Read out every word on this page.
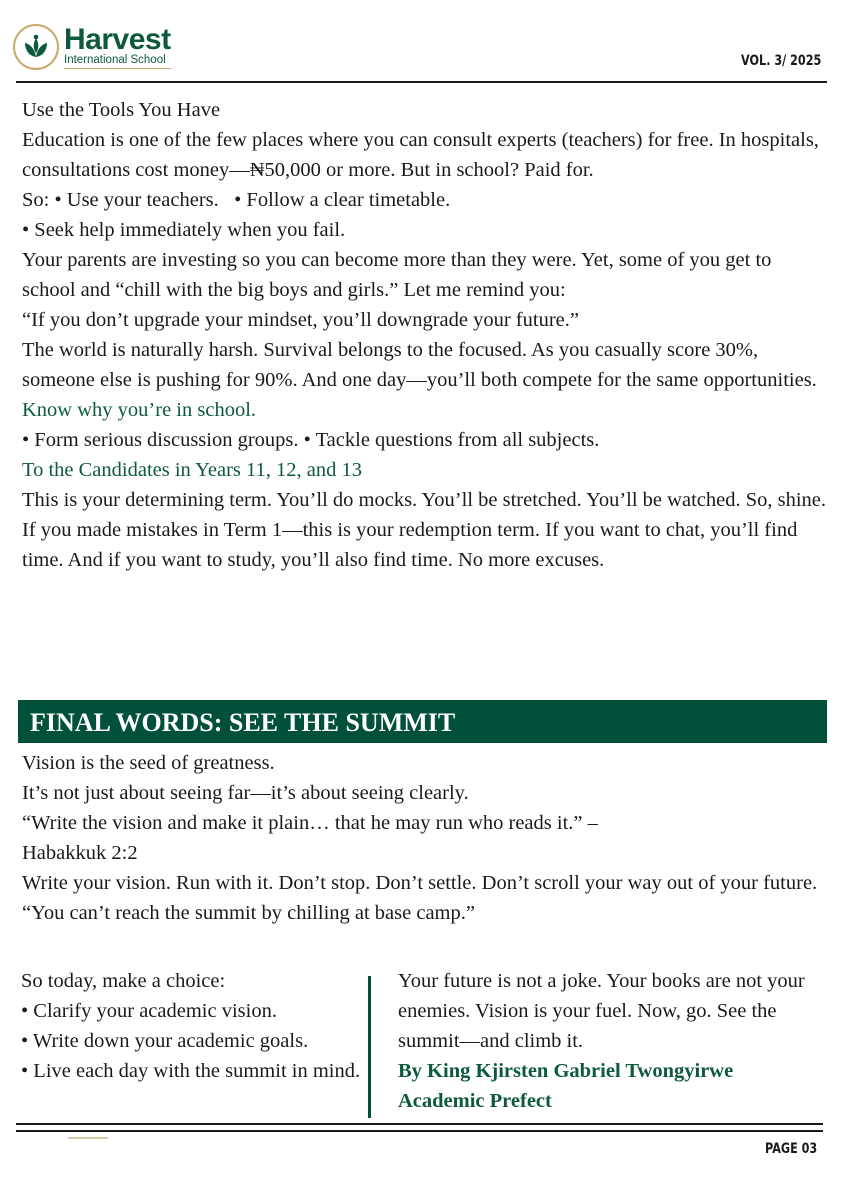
Harvest
International School	VOL. 3/ 2025

Use the Tools You Have

Education is one of the few places where you can consult experts (teachers) for free. In hospitals, consultations cost money—₦50,000 or more. But in school? Paid for.

So: • Use your teachers.   • Follow a clear timetable.

• Seek help immediately when you fail.

Your parents are investing so you can become more than they were. Yet, some of you get to school and “chill with the big boys and girls.” Let me remind you:

“If you don’t upgrade your mindset, you’ll downgrade your future.”

The world is naturally harsh. Survival belongs to the focused. As you casually score 30%, someone else is pushing for 90%. And one day—you’ll both compete for the same opportunities.

Know why you’re in school.

• Form serious discussion groups. • Tackle questions from all subjects.

To the Candidates in Years 11, 12, and 13

This is your determining term. You’ll do mocks. You’ll be stretched. You’ll be watched. So, shine.

If you made mistakes in Term 1—this is your redemption term. If you want to chat, you’ll find time. And if you want to study, you’ll also find time. No more excuses.

FINAL WORDS: SEE THE SUMMIT

Vision is the seed of greatness.

It’s not just about seeing far—it’s about seeing clearly.

“Write the vision and make it plain… that he may run who reads it.” –

Habakkuk 2:2

Write your vision. Run with it. Don’t stop. Don’t settle. Don’t scroll your way out of your future.

“You can’t reach the summit by chilling at base camp.”

So today, make a choice:

• Clarify your academic vision.

• Write down your academic goals.

• Live each day with the summit in mind.

Your future is not a joke. Your books are not your enemies. Vision is your fuel. Now, go. See the summit—and climb it.

By King Kjirsten Gabriel Twongyirwe

Academic Prefect

PAGE 03
